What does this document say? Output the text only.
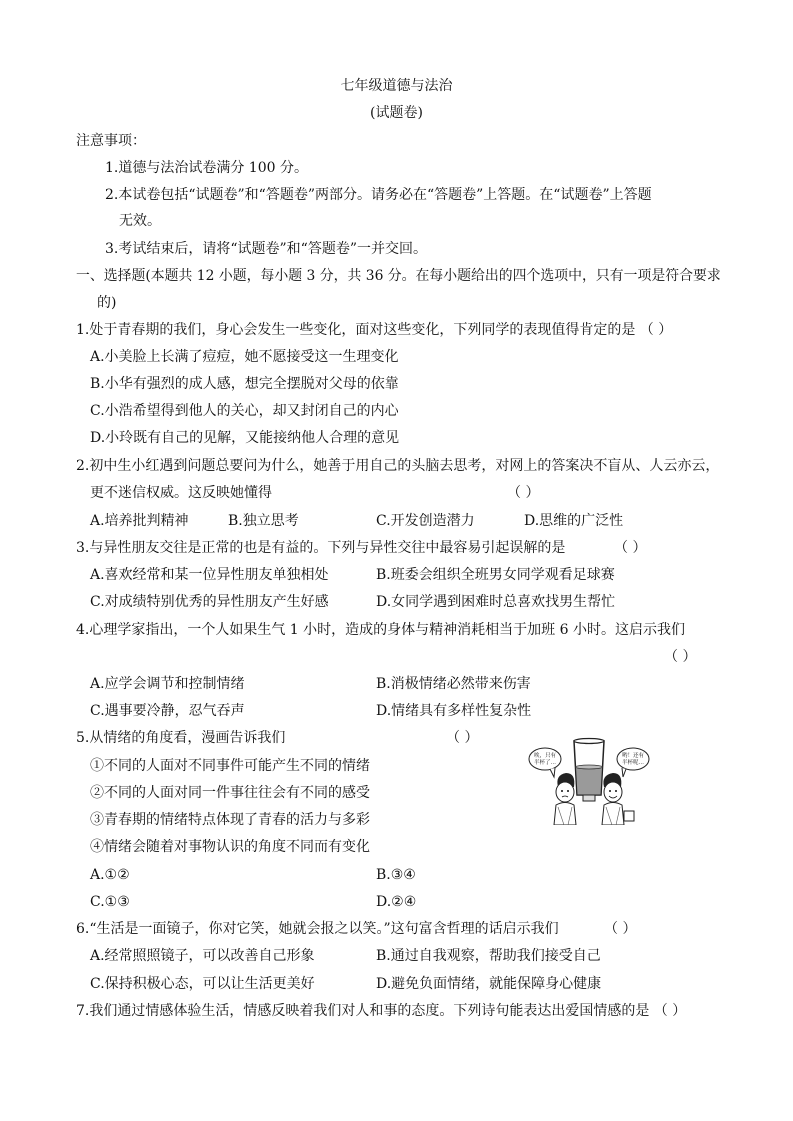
七年级道德与法治
(试题卷)
注意事项：
1.道德与法治试卷满分 100 分。
2.本试卷包括“试题卷”和“答题卷”两部分。请务必在“答题卷”上答题。在“试题卷”上答题
无效。
3.考试结束后，请将“试题卷”和“答题卷”一并交回。
一、选择题(本题共 12 小题，每小题 3 分，共 36 分。在每小题给出的四个选项中，只有一项是符合要求
的)
1.处于青春期的我们，身心会发生一些变化，面对这些变化，下列同学的表现值得肯定的是 （ ）
A.小美脸上长满了痘痘，她不愿接受这一生理变化
B.小华有强烈的成人感，想完全摆脱对父母的依靠
C.小浩希望得到他人的关心，却又封闭自己的内心
D.小玲既有自己的见解，又能接纳他人合理的意见
2.初中生小红遇到问题总要问为什么，她善于用自己的头脑去思考，对网上的答案决不盲从、人云亦云，
更不迷信权威。这反映她懂得	（ ）
A.培养批判精神	B.独立思考	C.开发创造潜力	D.思维的广泛性
3.与异性朋友交往是正常的也是有益的。下列与异性交往中最容易引起误解的是	（ ）
A.喜欢经常和某一位异性朋友单独相处	B.班委会组织全班男女同学观看足球赛
C.对成绩特别优秀的异性朋友产生好感	D.女同学遇到困难时总喜欢找男生帮忙
4.心理学家指出，一个人如果生气 1 小时，造成的身体与精神消耗相当于加班 6 小时。这启示我们
（ ）
A.应学会调节和控制情绪	B.消极情绪必然带来伤害
C.遇事要冷静，忍气吞声	D.情绪具有多样性复杂性
5.从情绪的角度看，漫画告诉我们	（ ）
①不同的人面对不同事件可能产生不同的情绪
②不同的人面对同一件事往往会有不同的感受
③青春期的情绪特点体现了青春的活力与多彩
④情绪会随着对事物认识的角度不同而有变化
A.①②	B.③④
C.①③	D.②④
唉，只有
半杯了…
哟！还有
半杯呢…
6.“生活是一面镜子，你对它笑，她就会报之以笑。”这句富含哲理的话启示我们	（ ）
A.经常照照镜子，可以改善自己形象	B.通过自我观察，帮助我们接受自己
C.保持积极心态，可以让生活更美好	D.避免负面情绪，就能保障身心健康
7.我们通过情感体验生活，情感反映着我们对人和事的态度。下列诗句能表达出爱国情感的是 （ ）
